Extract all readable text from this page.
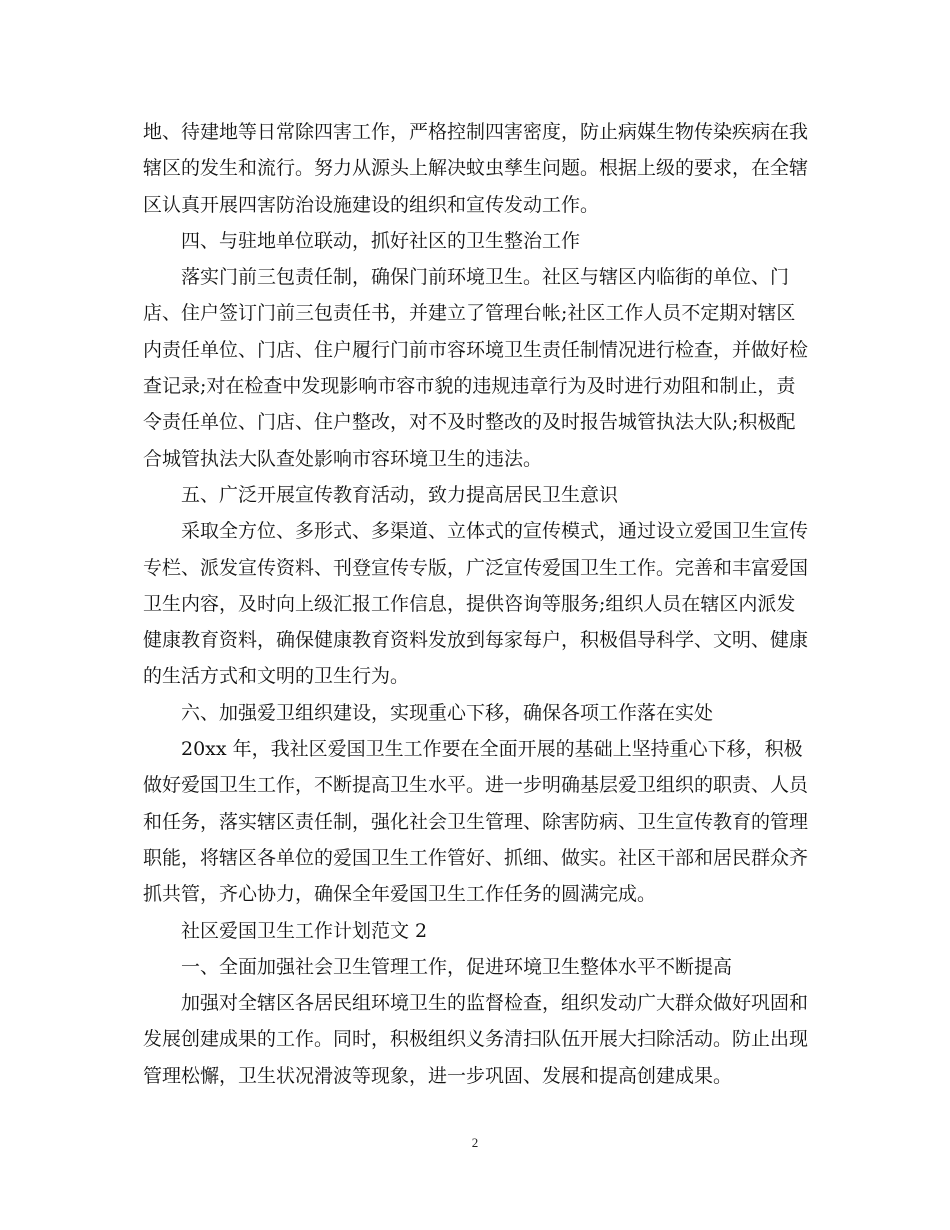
地、待建地等日常除四害工作，严格控制四害密度，防止病媒生物传染疾病在我辖区的发生和流行。努力从源头上解决蚊虫孳生问题。根据上级的要求，在全辖区认真开展四害防治设施建设的组织和宣传发动工作。

四、与驻地单位联动，抓好社区的卫生整治工作

落实门前三包责任制，确保门前环境卫生。社区与辖区内临街的单位、门店、住户签订门前三包责任书，并建立了管理台帐;社区工作人员不定期对辖区内责任单位、门店、住户履行门前市容环境卫生责任制情况进行检查，并做好检查记录;对在检查中发现影响市容市貌的违规违章行为及时进行劝阻和制止，责令责任单位、门店、住户整改，对不及时整改的及时报告城管执法大队;积极配合城管执法大队查处影响市容环境卫生的违法。

五、广泛开展宣传教育活动，致力提高居民卫生意识

采取全方位、多形式、多渠道、立体式的宣传模式，通过设立爱国卫生宣传专栏、派发宣传资料、刊登宣传专版，广泛宣传爱国卫生工作。完善和丰富爱国卫生内容，及时向上级汇报工作信息，提供咨询等服务;组织人员在辖区内派发健康教育资料，确保健康教育资料发放到每家每户，积极倡导科学、文明、健康的生活方式和文明的卫生行为。

六、加强爱卫组织建设，实现重心下移，确保各项工作落在实处

20xx 年，我社区爱国卫生工作要在全面开展的基础上坚持重心下移，积极做好爱国卫生工作，不断提高卫生水平。进一步明确基层爱卫组织的职责、人员和任务，落实辖区责任制，强化社会卫生管理、除害防病、卫生宣传教育的管理职能，将辖区各单位的爱国卫生工作管好、抓细、做实。社区干部和居民群众齐抓共管，齐心协力，确保全年爱国卫生工作任务的圆满完成。

社区爱国卫生工作计划范文 2

一、全面加强社会卫生管理工作，促进环境卫生整体水平不断提高

加强对全辖区各居民组环境卫生的监督检查，组织发动广大群众做好巩固和发展创建成果的工作。同时，积极组织义务清扫队伍开展大扫除活动。防止出现管理松懈，卫生状况滑波等现象，进一步巩固、发展和提高创建成果。

2
